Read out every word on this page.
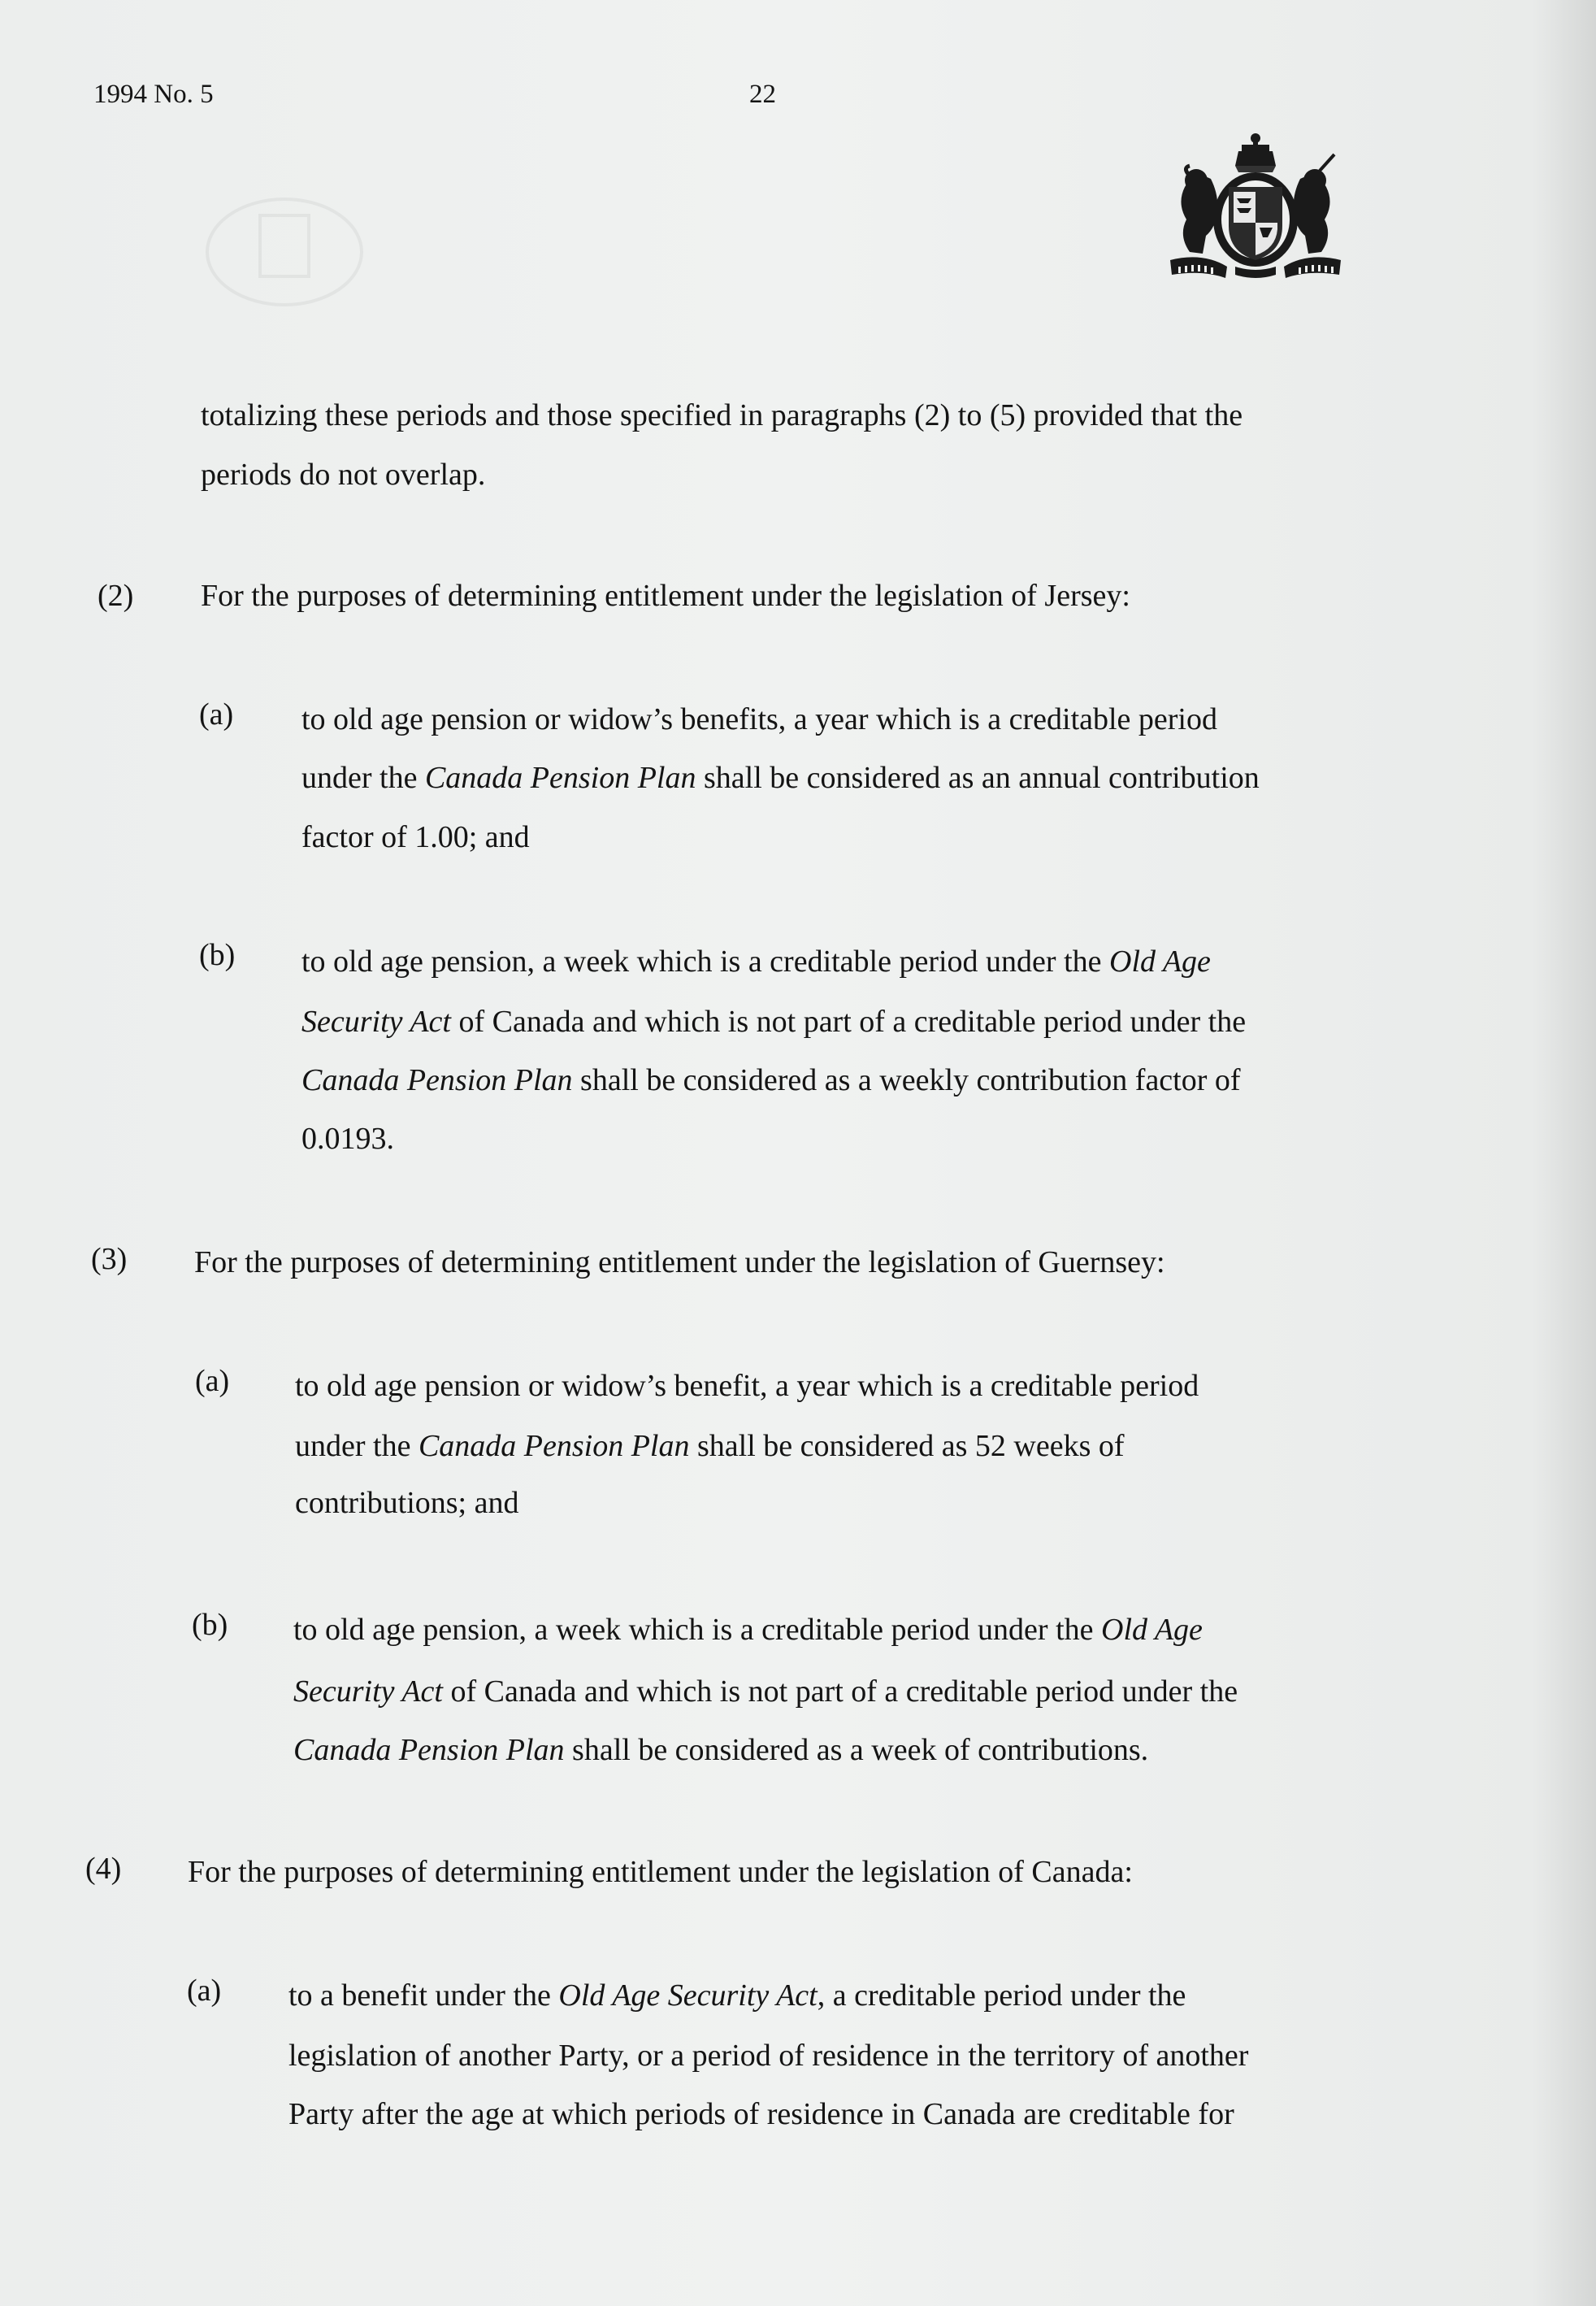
1994 No. 5	22
totalizing these periods and those specified in paragraphs (2) to (5) provided that the
periods do not overlap.
(2) For the purposes of determining entitlement under the legislation of Jersey:
(a) to old age pension or widow’s benefits, a year which is a creditable period
under the Canada Pension Plan shall be considered as an annual contribution
factor of 1.00; and
(b) to old age pension, a week which is a creditable period under the Old Age
Security Act of Canada and which is not part of a creditable period under the
Canada Pension Plan shall be considered as a weekly contribution factor of
0.0193.
(3) For the purposes of determining entitlement under the legislation of Guernsey:
(a) to old age pension or widow’s benefit, a year which is a creditable period
under the Canada Pension Plan shall be considered as 52 weeks of
contributions; and
(b) to old age pension, a week which is a creditable period under the Old Age
Security Act of Canada and which is not part of a creditable period under the
Canada Pension Plan shall be considered as a week of contributions.
(4) For the purposes of determining entitlement under the legislation of Canada:
(a) to a benefit under the Old Age Security Act, a creditable period under the
legislation of another Party, or a period of residence in the territory of another
Party after the age at which periods of residence in Canada are creditable for
